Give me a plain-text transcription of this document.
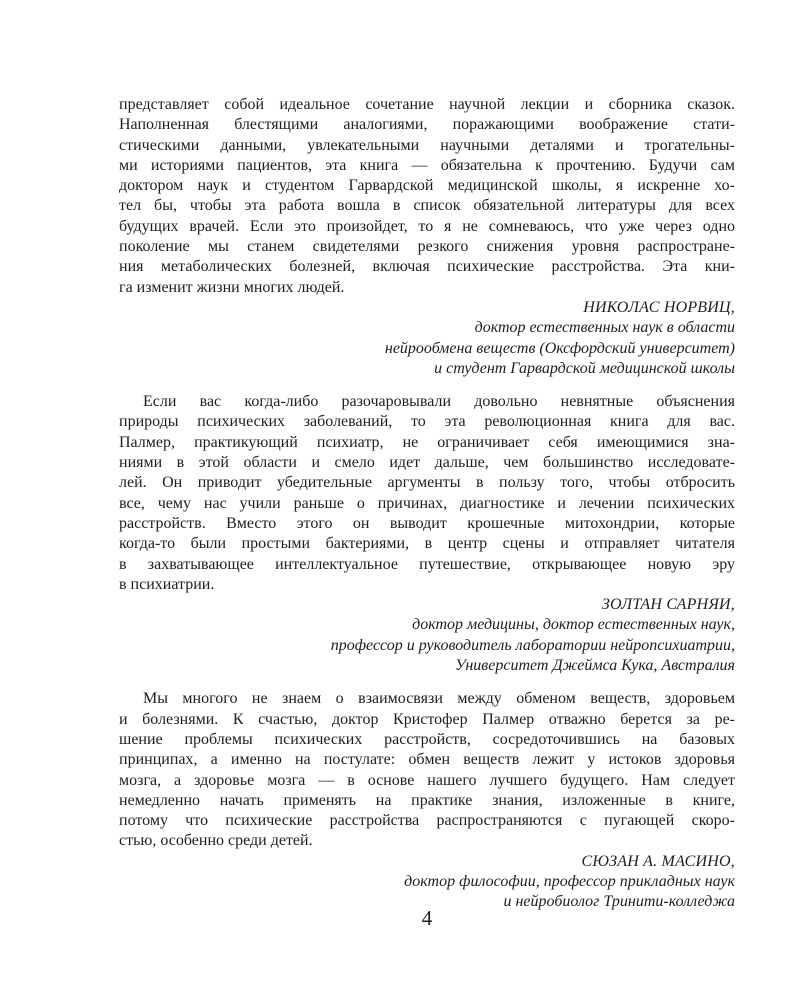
представляет собой идеальное сочетание научной лекции и сборника сказок.
Наполненная блестящими аналогиями, поражающими воображение стати-
стическими данными, увлекательными научными деталями и трогательны-
ми историями пациентов, эта книга — обязательна к прочтению. Будучи сам
доктором наук и студентом Гарвардской медицинской школы, я искренне хо-
тел бы, чтобы эта работа вошла в список обязательной литературы для всех
будущих врачей. Если это произойдет, то я не сомневаюсь, что уже через одно
поколение мы станем свидетелями резкого снижения уровня распростране-
ния метаболических болезней, включая психические расстройства. Эта кни-
га изменит жизни многих людей.
НИКОЛАС НОРВИЦ,
доктор естественных наук в области
нейрообмена веществ (Оксфордский университет)
и студент Гарвардской медицинской школы
Если вас когда-либо разочаровывали довольно невнятные объяснения
природы психических заболеваний, то эта революционная книга для вас.
Палмер, практикующий психиатр, не ограничивает себя имеющимися зна-
ниями в этой области и смело идет дальше, чем большинство исследовате-
лей. Он приводит убедительные аргументы в пользу того, чтобы отбросить
все, чему нас учили раньше о причинах, диагностике и лечении психических
расстройств. Вместо этого он выводит крошечные митохондрии, которые
когда-то были простыми бактериями, в центр сцены и отправляет читателя
в захватывающее интеллектуальное путешествие, открывающее новую эру
в психиатрии.
ЗОЛТАН САРНЯИ,
доктор медицины, доктор естественных наук,
профессор и руководитель лаборатории нейропсихиатрии,
Университет Джеймса Кука, Австралия
Мы многого не знаем о взаимосвязи между обменом веществ, здоровьем
и болезнями. К счастью, доктор Кристофер Палмер отважно берется за ре-
шение проблемы психических расстройств, сосредоточившись на базовых
принципах, а именно на постулате: обмен веществ лежит у истоков здоровья
мозга, а здоровье мозга — в основе нашего лучшего будущего. Нам следует
немедленно начать применять на практике знания, изложенные в книге,
потому что психические расстройства распространяются с пугающей скоро-
стью, особенно среди детей.
СЮЗАН А. МАСИНО,
доктор философии, профессор прикладных наук
и нейробиолог Тринити-колледжа
4
